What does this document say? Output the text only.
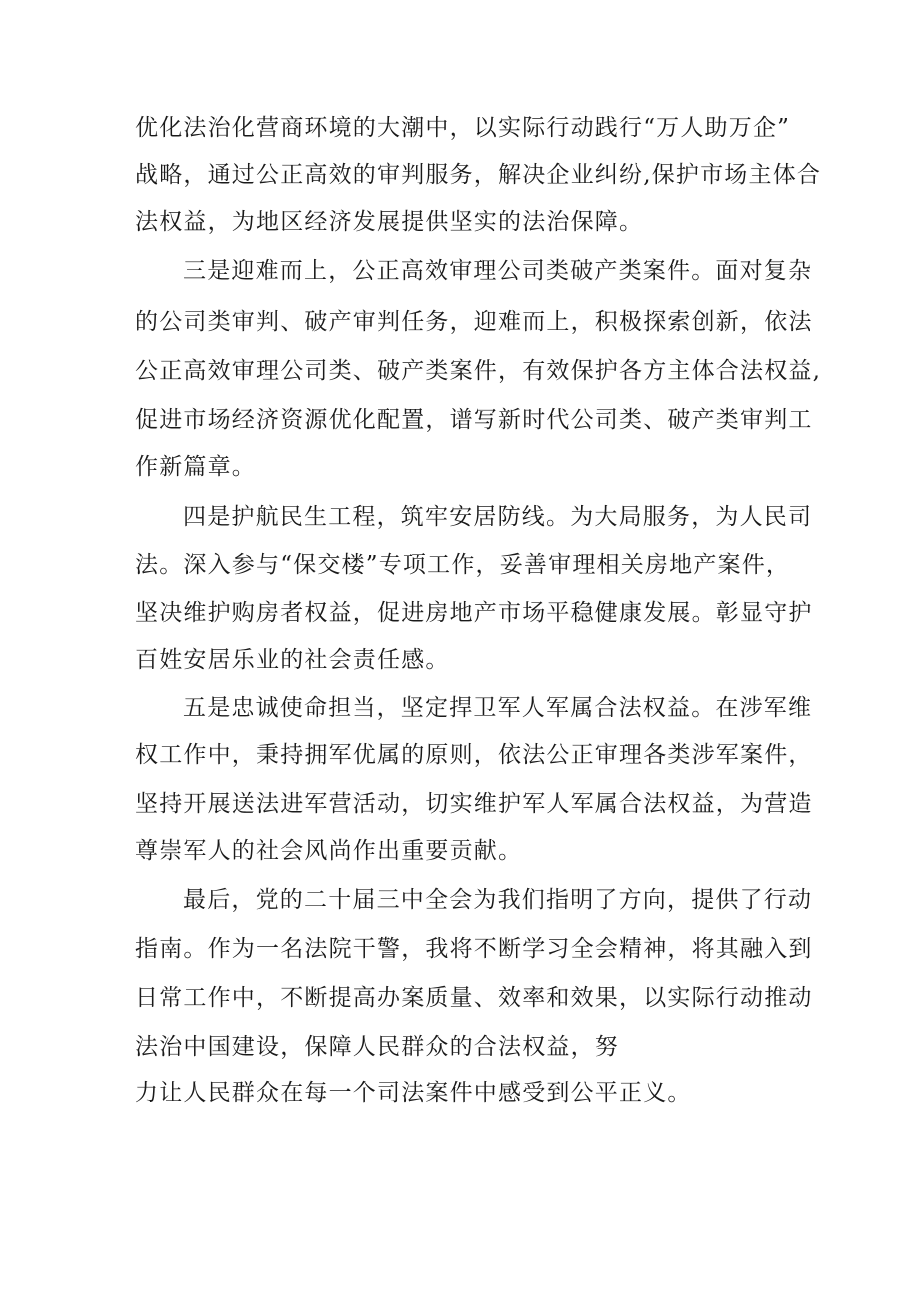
优化法治化营商环境的大潮中，以实际行动践行“万人助万企”
战略，通过公正高效的审判服务，解决企业纠纷,保护市场主体合
法权益，为地区经济发展提供坚实的法治保障。
三是迎难而上，公正高效审理公司类破产类案件。面对复杂
的公司类审判、破产审判任务，迎难而上，积极探索创新，依法
公正高效审理公司类、破产类案件，有效保护各方主体合法权益,
促进市场经济资源优化配置，谱写新时代公司类、破产类审判工
作新篇章。
四是护航民生工程，筑牢安居防线。为大局服务，为人民司
法。深入参与“保交楼”专项工作，妥善审理相关房地产案件，
坚决维护购房者权益，促进房地产市场平稳健康发展。彰显守护
百姓安居乐业的社会责任感。
五是忠诚使命担当，坚定捍卫军人军属合法权益。在涉军维
权工作中，秉持拥军优属的原则，依法公正审理各类涉军案件，
坚持开展送法进军营活动，切实维护军人军属合法权益，为营造
尊崇军人的社会风尚作出重要贡献。
最后，党的二十届三中全会为我们指明了方向，提供了行动
指南。作为一名法院干警，我将不断学习全会精神，将其融入到
日常工作中，不断提高办案质量、效率和效果，以实际行动推动
法治中国建设，保障人民群众的合法权益，努
力让人民群众在每一个司法案件中感受到公平正义。
